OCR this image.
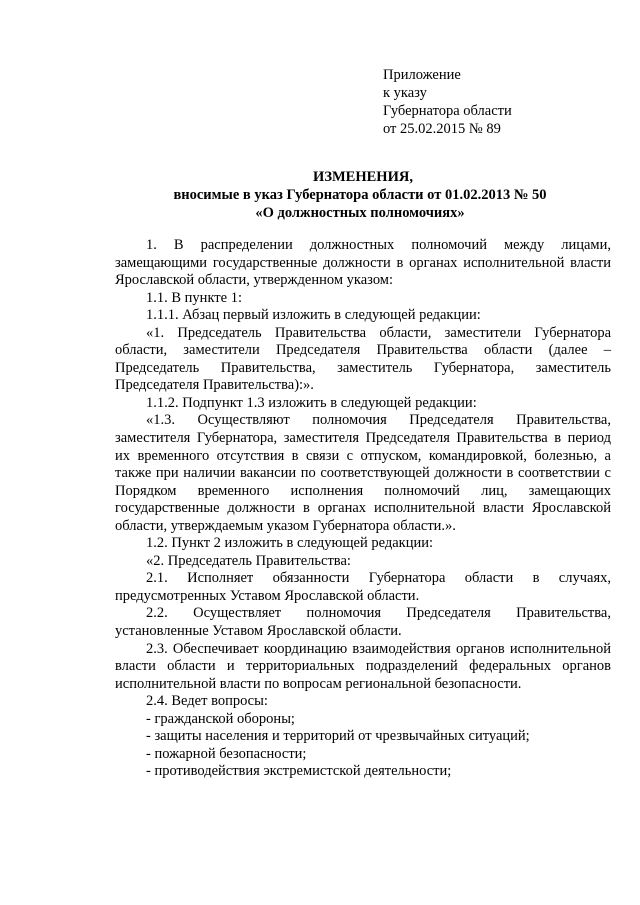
Приложение
к указу
Губернатора области
от 25.02.2015 № 89
ИЗМЕНЕНИЯ,
вносимые в указ Губернатора области от 01.02.2013 № 50
«О должностных полномочиях»

1. В распределении должностных полномочий между лицами, замещающими государственные должности в органах исполнительной власти Ярославской области, утвержденном указом:

1.1. В пункте 1:

1.1.1. Абзац первый изложить в следующей редакции:

«1. Председатель Правительства области, заместители Губернатора области, заместители Председателя Правительства области (далее – Председатель Правительства, заместитель Губернатора, заместитель Председателя Правительства):».

1.1.2. Подпункт 1.3 изложить в следующей редакции:

«1.3. Осуществляют полномочия Председателя Правительства, заместителя Губернатора, заместителя Председателя Правительства в период их временного отсутствия в связи с отпуском, командировкой, болезнью, а также при наличии вакансии по соответствующей должности в соответствии с Порядком временного исполнения полномочий лиц, замещающих государственные должности в органах исполнительной власти Ярославской области, утверждаемым указом Губернатора области.».

1.2. Пункт 2 изложить в следующей редакции:

«2. Председатель Правительства:

2.1. Исполняет обязанности Губернатора области в случаях, предусмотренных Уставом Ярославской области.

2.2. Осуществляет полномочия Председателя Правительства, установленные Уставом Ярославской области.

2.3. Обеспечивает координацию взаимодействия органов исполнительной власти области и территориальных подразделений федеральных органов исполнительной власти по вопросам региональной безопасности.

2.4. Ведет вопросы:

- гражданской обороны;

- защиты населения и территорий от чрезвычайных ситуаций;

- пожарной безопасности;

- противодействия экстремистской деятельности;
